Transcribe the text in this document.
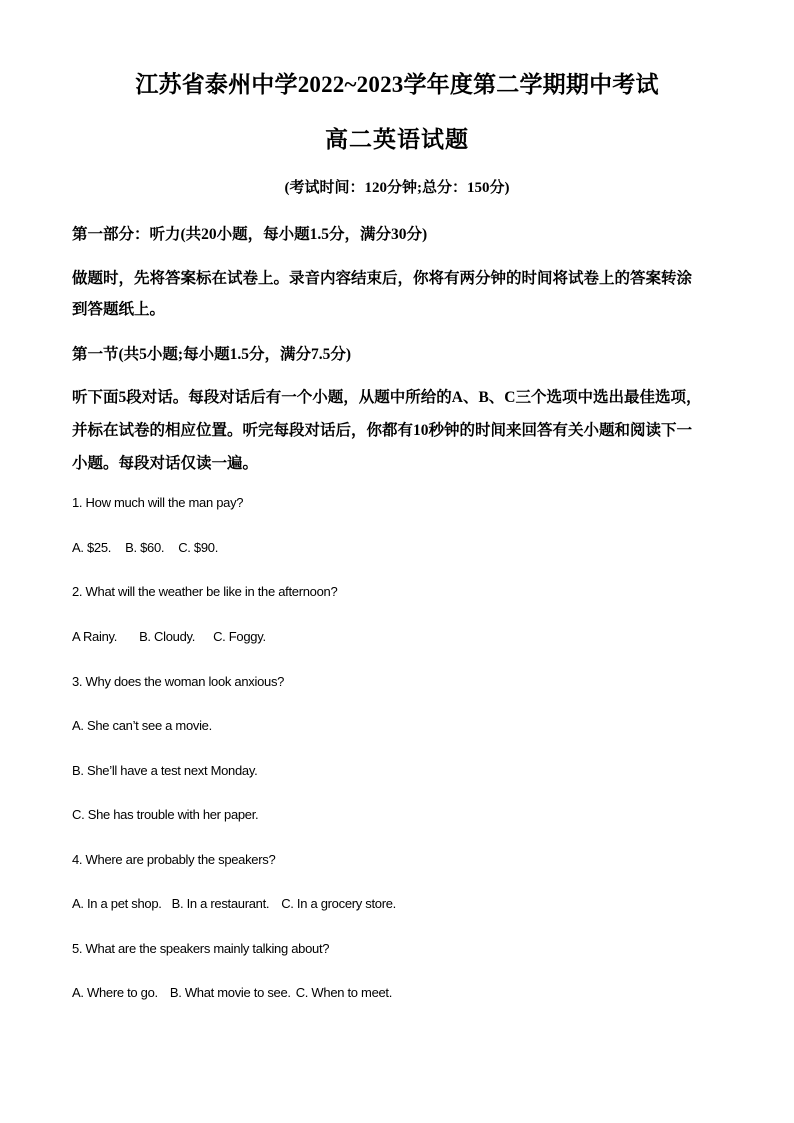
江苏省泰州中学2022~2023学年度第二学期期中考试
高二英语试题
(考试时间：120分钟;总分：150分)
第一部分：听力(共20小题，每小题1.5分，满分30分)
做题时，先将答案标在试卷上。录音内容结束后，你将有两分钟的时间将试卷上的答案转涂
到答题纸上。
第一节(共5小题;每小题1.5分，满分7.5分)
听下面5段对话。每段对话后有一个小题，从题中所给的A、B、C三个选项中选出最佳选项，
并标在试卷的相应位置。听完每段对话后，你都有10秒钟的时间来回答有关小题和阅读下一
小题。每段对话仅读一遍。
1. How much will the man pay?
A. $25. B. $60. C. $90.
2. What will the weather be like in the afternoon?
A Rainy. B. Cloudy. C. Foggy.
3. Why does the woman look anxious?
A. She can’t see a movie.
B. She’ll have a test next Monday.
C. She has trouble with her paper.
4. Where are probably the speakers?
A. In a pet shop. B. In a restaurant. C. In a grocery store.
5. What are the speakers mainly talking about?
A. Where to go. B. What movie to see. C. When to meet.
